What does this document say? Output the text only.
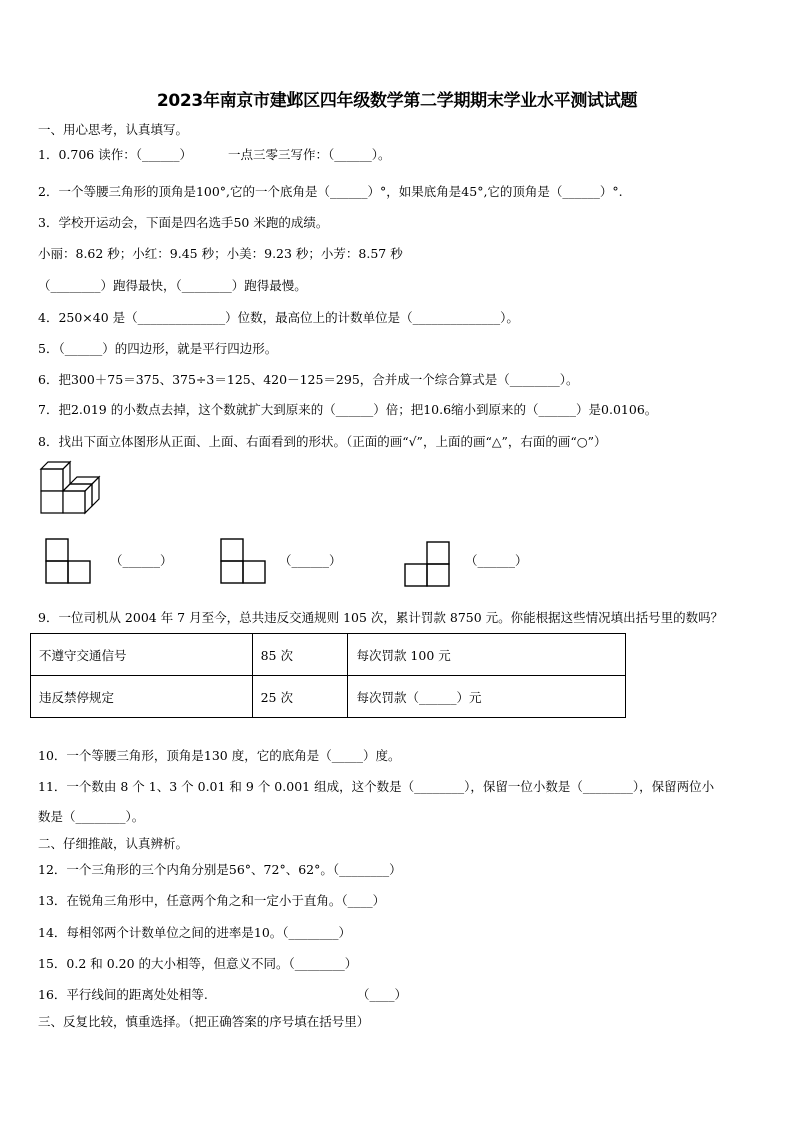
2023年南京市建邺区四年级数学第二学期期末学业水平测试试题
一、用心思考，认真填写。
1．0.706 读作：（______）	一点三零三写作：（______）。
2．一个等腰三角形的顶角是100°,它的一个底角是（______）°，如果底角是45°,它的顶角是（______）°.
3．学校开运动会，下面是四名选手50 米跑的成绩。
小丽：8.62 秒；小红：9.45 秒；小美：9.23 秒；小芳：8.57 秒
（________）跑得最快，（________）跑得最慢。
4．250×40 是（______________）位数，最高位上的计数单位是（______________）。
5．（______）的四边形，就是平行四边形。
6．把300＋75＝375、375÷3＝125、420－125＝295，合并成一个综合算式是（________）。
7．把2.019 的小数点去掉，这个数就扩大到原来的（______）倍；把10.6缩小到原来的（______）是0.0106。
8．找出下面立体图形从正面、上面、右面看到的形状。（正面的画“√”，上面的画“△”，右面的画“○”）
（______）	（______）	（______）
9．一位司机从 2004 年 7 月至今，总共违反交通规则 105 次，累计罚款 8750 元。你能根据这些情况填出括号里的数吗？
不遵守交通信号	85 次	每次罚款 100 元
违反禁停规定	25 次	每次罚款（______）元
10．一个等腰三角形，顶角是130 度，它的底角是（_____）度。
11．一个数由 8 个 1、3 个 0.01 和 9 个 0.001 组成，这个数是（________），保留一位小数是（________），保留两位小
数是（________）。
二、仔细推敲，认真辨析。
12．一个三角形的三个内角分别是56°、72°、62°。（________）
13．在锐角三角形中，任意两个角之和一定小于直角。（____）
14．每相邻两个计数单位之间的进率是10。（________）
15．0.2 和 0.20 的大小相等，但意义不同。（________）
16．平行线间的距离处处相等.	（____）
三、反复比较，慎重选择。（把正确答案的序号填在括号里）
